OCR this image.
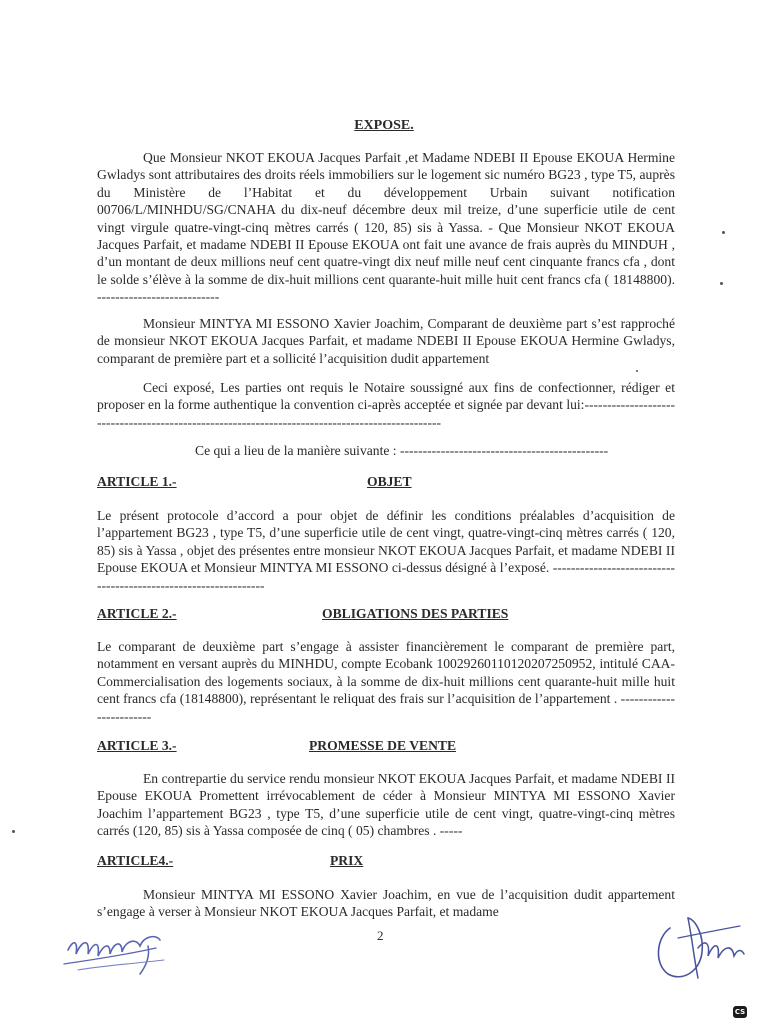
EXPOSE.
Que Monsieur NKOT EKOUA Jacques Parfait ,et Madame NDEBI II Epouse EKOUA Hermine Gwladys sont attributaires des droits réels immobiliers sur le logement sic numéro BG23 , type T5, auprès du Ministère de l’Habitat et du développement Urbain suivant notification 00706/L/MINHDU/SG/CNAHA du dix-neuf décembre deux mil treize, d’une superficie utile de cent vingt virgule quatre-vingt-cinq mètres carrés ( 120, 85) sis à Yassa. - Que Monsieur NKOT EKOUA Jacques Parfait, et madame NDEBI II Epouse EKOUA ont fait une avance de frais auprès du MINDUH , d’un montant de deux millions neuf cent quatre-vingt dix neuf mille neuf cent cinquante francs cfa , dont le solde s’élève à la somme de dix-huit millions cent quarante-huit mille huit cent francs cfa ( 18148800). ---------------------------
Monsieur MINTYA MI ESSONO Xavier Joachim, Comparant de deuxième part s’est rapproché de monsieur NKOT EKOUA Jacques Parfait, et madame NDEBI II Epouse EKOUA Hermine Gwladys, comparant de première part et a sollicité l’acquisition dudit appartement
Ceci exposé, Les parties ont requis le Notaire soussigné aux fins de confectionner, rédiger et proposer en la forme authentique la convention ci-après acceptée et signée par devant lui:------------------------------------------------------------------------------------------------
Ce qui a lieu de la manière suivante : ----------------------------------------------
ARTICLE 1.-	OBJET
Le présent protocole d’accord a pour objet de définir les conditions préalables d’acquisition de l’appartement BG23 , type T5, d’une superficie utile de cent vingt, quatre-vingt-cinq mètres carrés ( 120, 85) sis à Yassa , objet des présentes entre monsieur NKOT EKOUA Jacques Parfait, et madame NDEBI II Epouse EKOUA et Monsieur MINTYA MI ESSONO ci-dessus désigné à l’exposé. ----------------------------------------------------------------
ARTICLE 2.-	OBLIGATIONS DES PARTIES
Le comparant de deuxième part s’engage à assister financièrement le comparant de première part, notamment en versant auprès du MINHDU, compte Ecobank 10029260110120207250952, intitulé CAA-Commercialisation des logements sociaux, à la somme de dix-huit millions cent quarante-huit mille huit cent francs cfa (18148800), représentant le reliquat des frais sur l’acquisition de l’appartement . ------------------------
ARTICLE 3.-	PROMESSE DE VENTE
En contrepartie du service rendu monsieur NKOT EKOUA Jacques Parfait, et madame NDEBI II Epouse EKOUA Promettent irrévocablement de céder à Monsieur MINTYA MI ESSONO Xavier Joachim l’appartement BG23 , type T5, d’une superficie utile de cent vingt, quatre-vingt-cinq mètres carrés (120, 85) sis à Yassa composée de cinq ( 05) chambres . -----
ARTICLE4.-	PRIX
Monsieur MINTYA MI ESSONO Xavier Joachim, en vue de l’acquisition dudit appartement s’engage à verser à Monsieur NKOT EKOUA Jacques Parfait, et madame
2
CS
